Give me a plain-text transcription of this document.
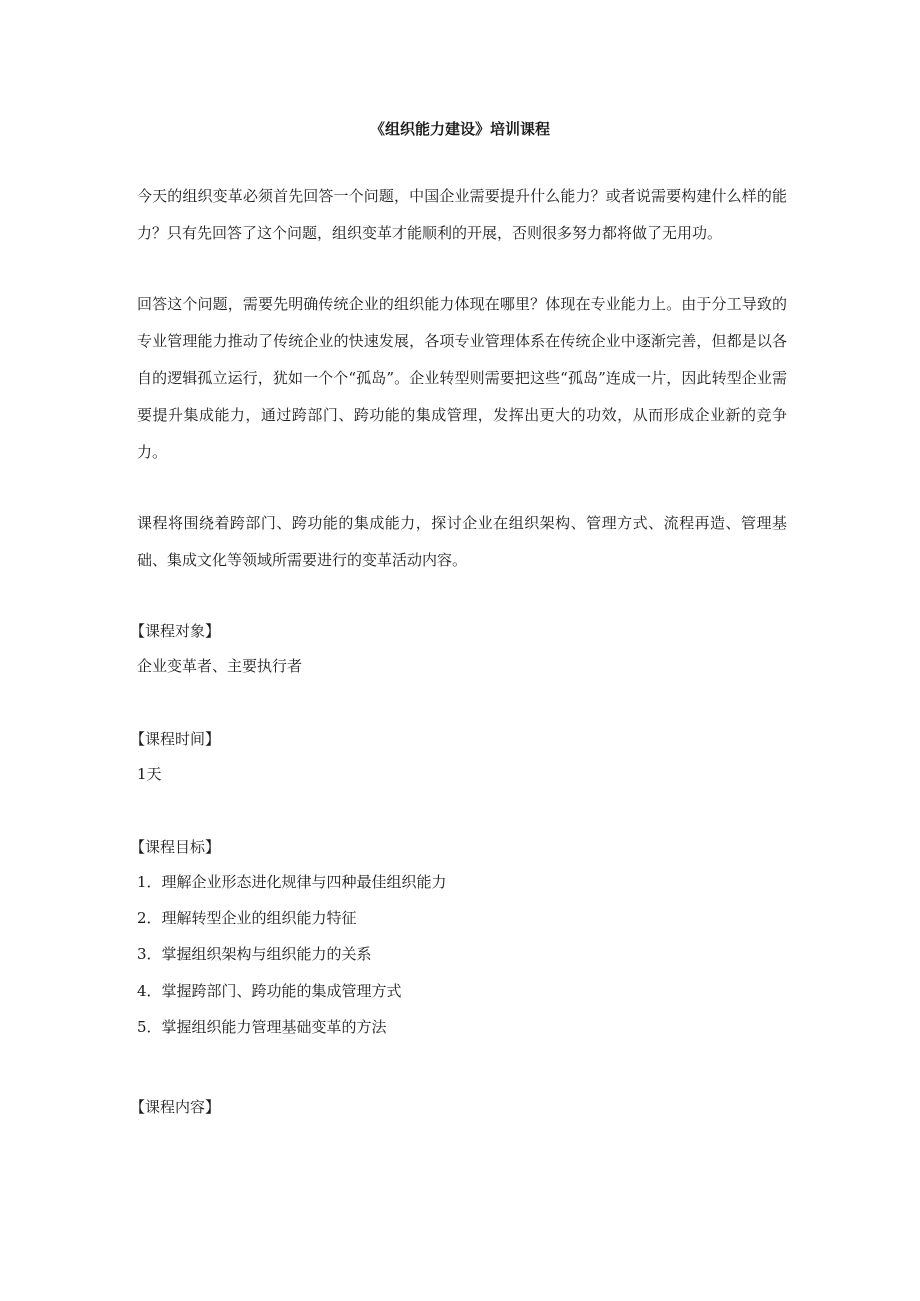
《组织能力建设》培训课程

今天的组织变革必须首先回答一个问题，中国企业需要提升什么能力？或者说需要构建什么样的能力？只有先回答了这个问题，组织变革才能顺利的开展，否则很多努力都将做了无用功。

回答这个问题，需要先明确传统企业的组织能力体现在哪里？体现在专业能力上。由于分工导致的专业管理能力推动了传统企业的快速发展，各项专业管理体系在传统企业中逐渐完善，但都是以各自的逻辑孤立运行，犹如一个个“孤岛”。企业转型则需要把这些“孤岛”连成一片，因此转型企业需要提升集成能力，通过跨部门、跨功能的集成管理，发挥出更大的功效，从而形成企业新的竞争力。

课程将围绕着跨部门、跨功能的集成能力，探讨企业在组织架构、管理方式、流程再造、管理基础、集成文化等领域所需要进行的变革活动内容。

【课程对象】

企业变革者、主要执行者

【课程时间】

1天

【课程目标】

1．理解企业形态进化规律与四种最佳组织能力

2．理解转型企业的组织能力特征

3．掌握组织架构与组织能力的关系

4．掌握跨部门、跨功能的集成管理方式

5．掌握组织能力管理基础变革的方法

【课程内容】
